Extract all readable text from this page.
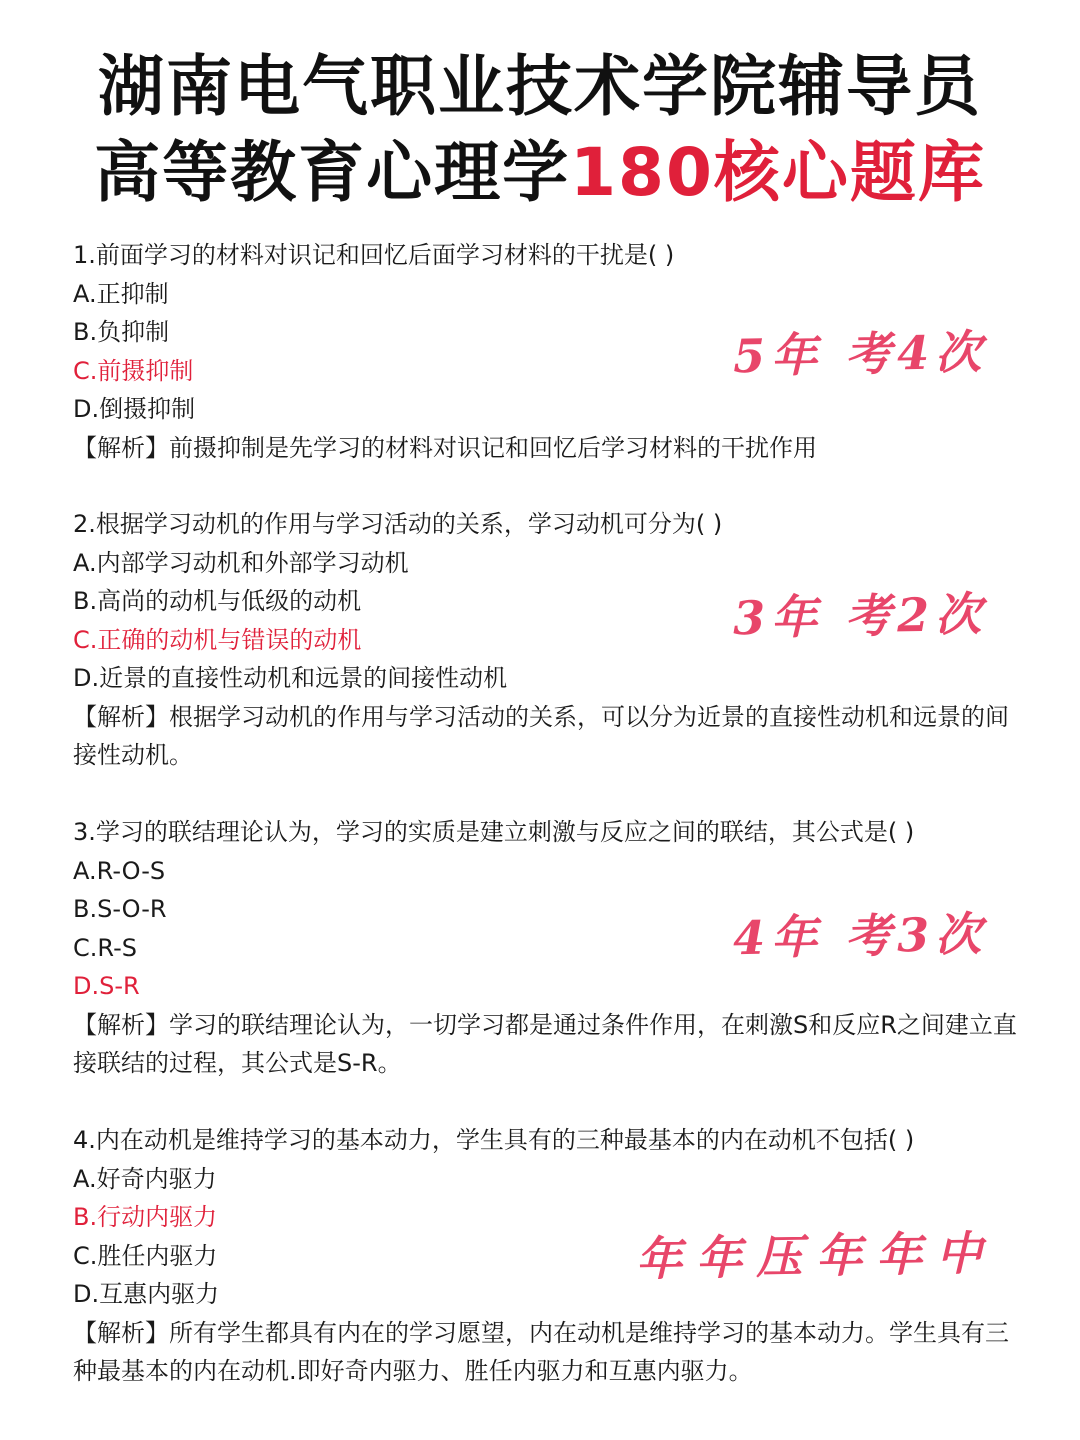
湖南电气职业技术学院辅导员
高等教育心理学180核心题库
1.前面学习的材料对识记和回忆后面学习材料的干扰是( )
A.正抑制
B.负抑制
C.前摄抑制
D.倒摄抑制
【解析】前摄抑制是先学习的材料对识记和回忆后学习材料的干扰作用
5年 考4次
2.根据学习动机的作用与学习活动的关系，学习动机可分为( )
A.内部学习动机和外部学习动机
B.高尚的动机与低级的动机
C.正确的动机与错误的动机
D.近景的直接性动机和远景的间接性动机
【解析】根据学习动机的作用与学习活动的关系，可以分为近景的直接性动机和远景的间接性动机。
3年 考2次
3.学习的联结理论认为，学习的实质是建立刺激与反应之间的联结，其公式是( )
A.R-O-S
B.S-O-R
C.R-S
D.S-R
【解析】学习的联结理论认为，一切学习都是通过条件作用，在刺激S和反应R之间建立直接联结的过程，其公式是S-R。
4年 考3次
4.内在动机是维持学习的基本动力，学生具有的三种最基本的内在动机不包括( )
A.好奇内驱力
B.行动内驱力
C.胜任内驱力
D.互惠内驱力
【解析】所有学生都具有内在的学习愿望，内在动机是维持学习的基本动力。学生具有三种最基本的内在动机.即好奇内驱力、胜任内驱力和互惠内驱力。
年年压年年中
